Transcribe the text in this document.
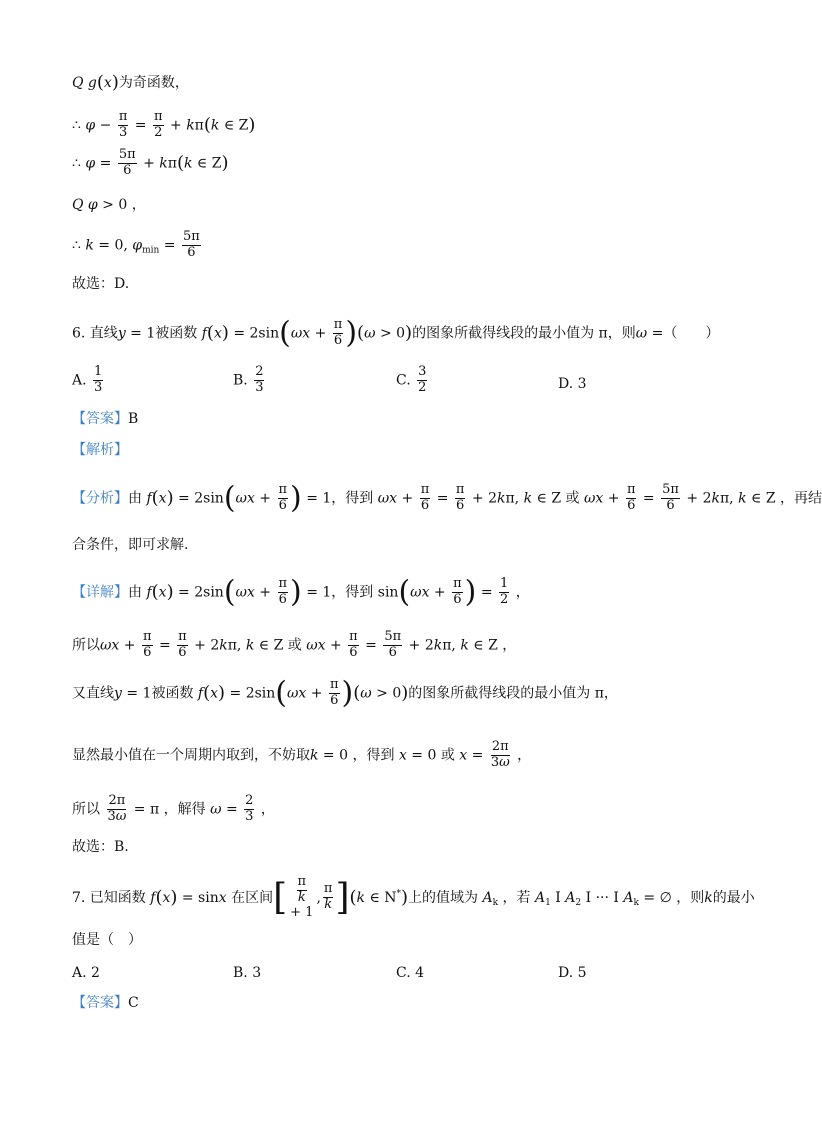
Q g(x)为奇函数，
∴ $\varphi - \frac{\pi}{3} = \frac{\pi}{2} + k\pi(k$ ∈ Z)
∴ $\varphi = \frac{5\pi}{6} + k\pi(k$ ∈ Z)
Q φ > 0 ，
∴ k = 0, $\varphi_{min} = \frac{5\pi}{6}$
故选：D.
6. 直线y = 1被函数 $f(x) = 2\sin(\omega x + \frac{\pi}{6} )(\omega > 0)$的图象所截得线段的最小值为 π，则ω =（　　）
A. $\frac{1}{3}$	B. $\frac{2}{3}$	C. $\frac{3}{2}$	D. 3
【答案】B
【解析】
【分析】由 $f(x) = 2\sin(\omega x + \frac{\pi}{6}$ ) = 1，得到 $\omega x + \frac{\pi}{6} = \frac{\pi}{6} + 2k\pi$, k ∈ Z 或 $\omega x + \frac{\pi}{6} = \frac{5\pi}{6} + 2k\pi$, k ∈ Z ，再结
合条件，即可求解.
【详解】由 $f(x) = 2\sin(\omega x + \frac{\pi}{6}$ ) = 1，得到 $\sin(\omega x + \frac{\pi}{6}$ ) = $\frac{1}{2}$ ，
所以$\omega x + \frac{\pi}{6} = \frac{\pi}{6} + 2k\pi$, k ∈ Z 或 $\omega x + \frac{\pi}{6} = \frac{5\pi}{6} + 2k\pi$, k ∈ Z ，
又直线y = 1被函数 $f(x) = 2\sin(\omega x + \frac{\pi}{6} )(\omega > 0)$的图象所截得线段的最小值为 π，
显然最小值在一个周期内取到，不妨取k = 0 ，得到 x = 0 或 $x = \frac{2\pi}{3\omega}$ ，
所以 $\frac{2\pi}{3\omega} = \pi$ ，解得 $\omega = \frac{2}{3}$ ，
故选：B.
7. 已知函数 f(x) = sinx 在区间[ π
k
+ 1
, $\frac{\pi}{k} ](k$ ∈ N*)上的值域为 $A_k$ ，若 $A_1$ I $A_2$ I ··· I $A_k$ = ∅ ，则k的最小
值是（　）
A. 2	B. 3	C. 4	D. 5
【答案】C
